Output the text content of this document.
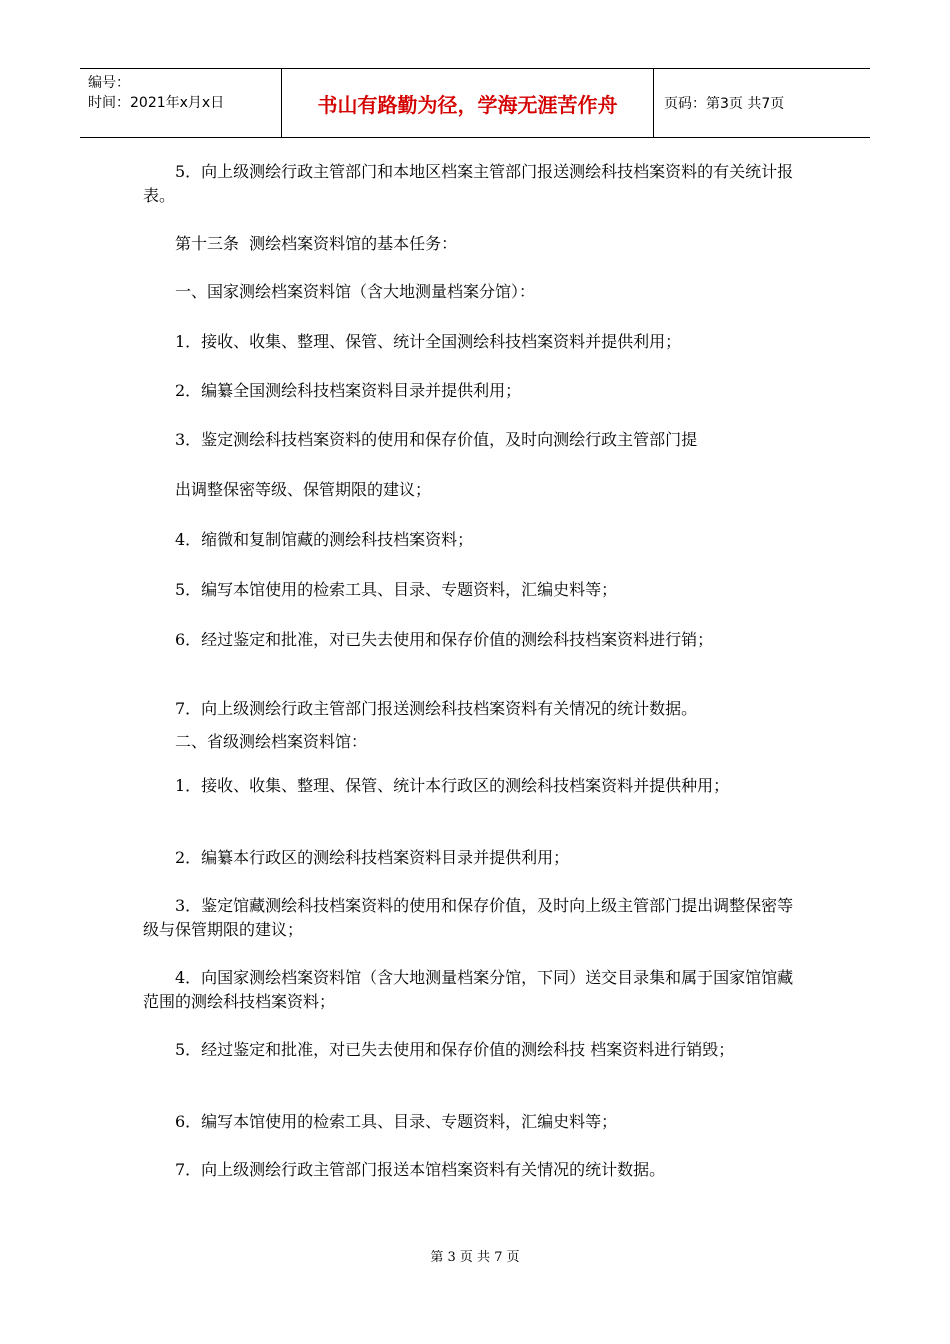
编号：
时间：2021年x月x日	书山有路勤为径，学海无涯苦作舟	页码：第3页 共7页

5．向上级测绘行政主管部门和本地区档案主管部门报送测绘科技档案资料的有关统计报表。

第十三条  测绘档案资料馆的基本任务：

一、国家测绘档案资料馆（含大地测量档案分馆）：

1．接收、收集、整理、保管、统计全国测绘科技档案资料并提供利用；

2．编纂全国测绘科技档案资料目录并提供利用；

3．鉴定测绘科技档案资料的使用和保存价值，及时向测绘行政主管部门提

出调整保密等级、保管期限的建议；

4．缩微和复制馆藏的测绘科技档案资料；

5．编写本馆使用的检索工具、目录、专题资料，汇编史料等；

6．经过鉴定和批准，对已失去使用和保存价值的测绘科技档案资料进行销；

7．向上级测绘行政主管部门报送测绘科技档案资料有关情况的统计数据。

二、省级测绘档案资料馆：

1．接收、收集、整理、保管、统计本行政区的测绘科技档案资料并提供种用；

2．编纂本行政区的测绘科技档案资料目录并提供利用；

3．鉴定馆藏测绘科技档案资料的使用和保存价值，及时向上级主管部门提出调整保密等级与保管期限的建议；

4．向国家测绘档案资料馆（含大地测量档案分馆，下同）送交目录集和属于国家馆馆藏范围的测绘科技档案资料；

5．经过鉴定和批准，对已失去使用和保存价值的测绘科技 档案资料进行销毁；

6．编写本馆使用的检索工具、目录、专题资料，汇编史料等；

7．向上级测绘行政主管部门报送本馆档案资料有关情况的统计数据。

第 3 页 共 7 页
